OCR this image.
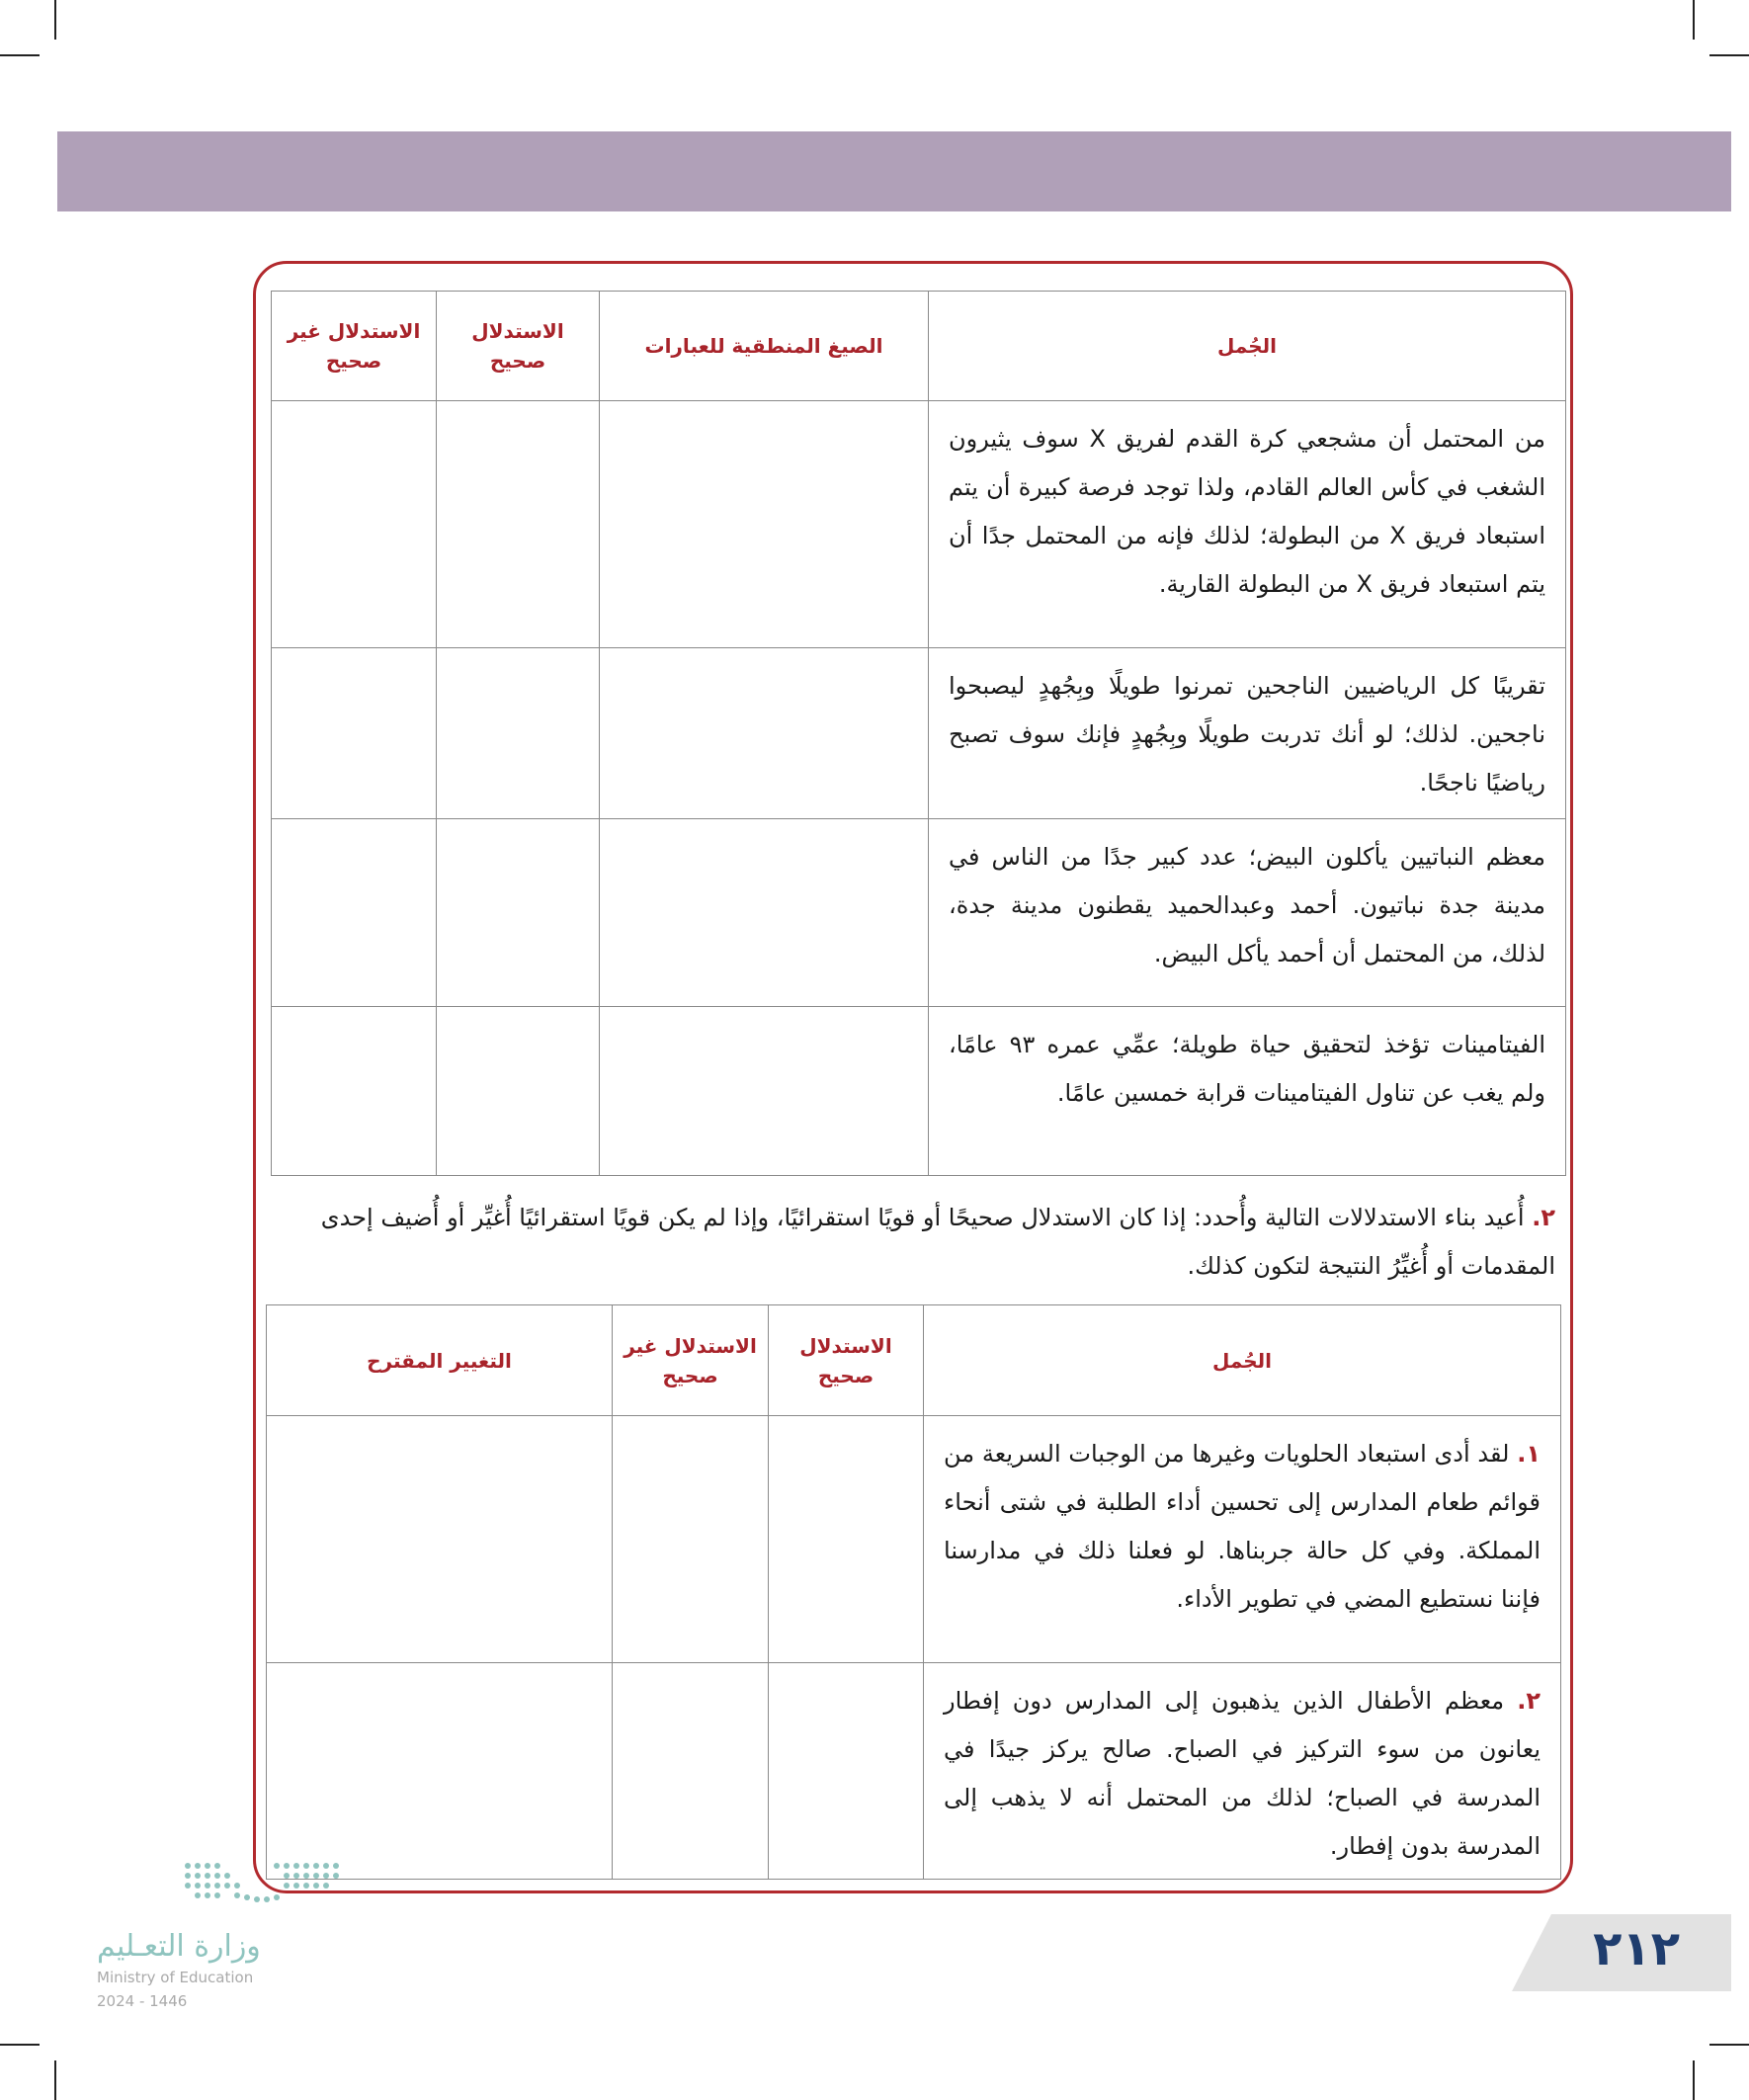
الجُمل	الصيغ المنطقية للعبارات	الاستدلال صحيح	الاستدلال غير صحيح
من المحتمل أن مشجعي كرة القدم لفريق X سوف يثيرون الشغب في كأس العالم القادم، ولذا توجد فرصة كبيرة أن يتم استبعاد فريق X من البطولة؛ لذلك فإنه من المحتمل جدًا أن يتم استبعاد فريق X من البطولة القارية.			
تقريبًا كل الرياضيين الناجحين تمرنوا طويلًا وبِجُهدٍ ليصبحوا ناجحين. لذلك؛ لو أنك تدربت طويلًا وبِجُهدٍ فإنك سوف تصبح رياضيًا ناجحًا.			
معظم النباتيين يأكلون البيض؛ عدد كبير جدًا من الناس في مدينة جدة نباتيون. أحمد وعبدالحميد يقطنون مدينة جدة، لذلك، من المحتمل أن أحمد يأكل البيض.			
الفيتامينات تؤخذ لتحقيق حياة طويلة؛ عمِّي عمره ٩٣ عامًا، ولم يغب عن تناول الفيتامينات قرابة خمسين عامًا.			
٢. أُعيد بناء الاستدلالات التالية وأُحدد: إذا كان الاستدلال صحيحًا أو قويًا استقرائيًا، وإذا لم يكن قويًا استقرائيًا أُغيِّر أو أُضيف إحدى المقدمات أو أُغيِّرُ النتيجة لتكون كذلك.
الجُمل	الاستدلال صحيح	الاستدلال غير صحيح	التغيير المقترح
١. لقد أدى استبعاد الحلويات وغيرها من الوجبات السريعة من قوائم طعام المدارس إلى تحسين أداء الطلبة في شتى أنحاء المملكة. وفي كل حالة جربناها. لو فعلنا ذلك في مدارسنا فإننا نستطيع المضي في تطوير الأداء.			
٢. معظم الأطفال الذين يذهبون إلى المدارس دون إفطار يعانون من سوء التركيز في الصباح. صالح يركز جيدًا في المدرسة في الصباح؛ لذلك من المحتمل أنه لا يذهب إلى المدرسة بدون إفطار.			
وزارة التعـليم
Ministry of Education
2024 - 1446
٢١٢
